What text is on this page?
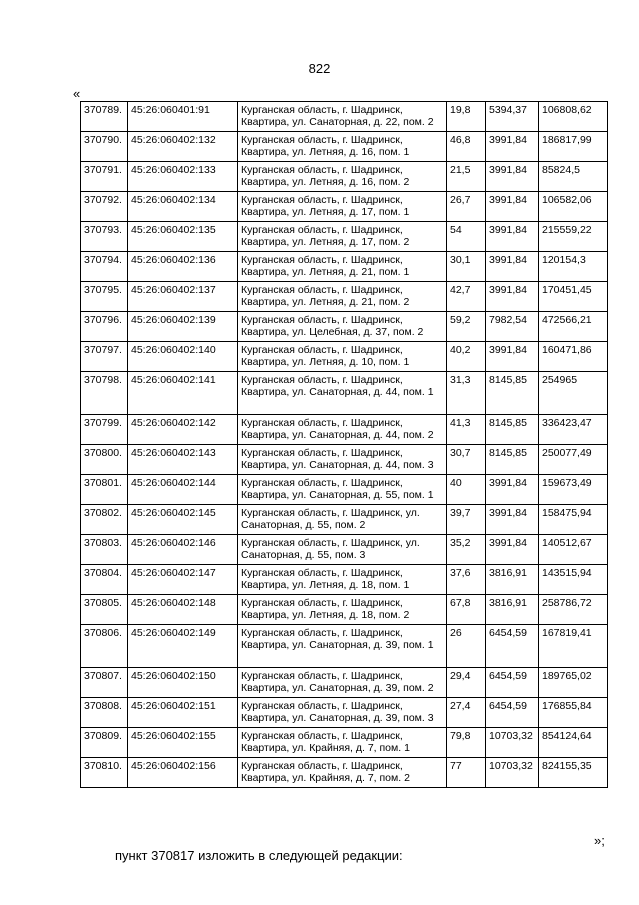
822
«
370789.	45:26:060401:91	Курганская область, г. Шадринск, Квартира, ул. Санаторная, д. 22, пом. 2	19,8	5394,37	106808,62
370790.	45:26:060402:132	Курганская область, г. Шадринск, Квартира, ул. Летняя, д. 16, пом. 1	46,8	3991,84	186817,99
370791.	45:26:060402:133	Курганская область, г. Шадринск, Квартира, ул. Летняя, д. 16, пом. 2	21,5	3991,84	85824,5
370792.	45:26:060402:134	Курганская область, г. Шадринск, Квартира, ул. Летняя, д. 17, пом. 1	26,7	3991,84	106582,06
370793.	45:26:060402:135	Курганская область, г. Шадринск, Квартира, ул. Летняя, д. 17, пом. 2	54	3991,84	215559,22
370794.	45:26:060402:136	Курганская область, г. Шадринск, Квартира, ул. Летняя, д. 21, пом. 1	30,1	3991,84	120154,3
370795.	45:26:060402:137	Курганская область, г. Шадринск, Квартира, ул. Летняя, д. 21, пом. 2	42,7	3991,84	170451,45
370796.	45:26:060402:139	Курганская область, г. Шадринск, Квартира, ул. Целебная, д. 37, пом. 2	59,2	7982,54	472566,21
370797.	45:26:060402:140	Курганская область, г. Шадринск, Квартира, ул. Летняя, д. 10, пом. 1	40,2	3991,84	160471,86
370798.	45:26:060402:141	Курганская область, г. Шадринск, Квартира, ул. Санаторная, д. 44, пом. 1	31,3	8145,85	254965
370799.	45:26:060402:142	Курганская область, г. Шадринск, Квартира, ул. Санаторная, д. 44, пом. 2	41,3	8145,85	336423,47
370800.	45:26:060402:143	Курганская область, г. Шадринск, Квартира, ул. Санаторная, д. 44, пом. 3	30,7	8145,85	250077,49
370801.	45:26:060402:144	Курганская область, г. Шадринск, Квартира, ул. Санаторная, д. 55, пом. 1	40	3991,84	159673,49
370802.	45:26:060402:145	Курганская область, г. Шадринск, ул. Санаторная, д. 55, пом. 2	39,7	3991,84	158475,94
370803.	45:26:060402:146	Курганская область, г. Шадринск, ул. Санаторная, д. 55, пом. 3	35,2	3991,84	140512,67
370804.	45:26:060402:147	Курганская область, г. Шадринск, Квартира, ул. Летняя, д. 18, пом. 1	37,6	3816,91	143515,94
370805.	45:26:060402:148	Курганская область, г. Шадринск, Квартира, ул. Летняя, д. 18, пом. 2	67,8	3816,91	258786,72
370806.	45:26:060402:149	Курганская область, г. Шадринск, Квартира, ул. Санаторная, д. 39, пом. 1	26	6454,59	167819,41
370807.	45:26:060402:150	Курганская область, г. Шадринск, Квартира, ул. Санаторная, д. 39, пом. 2	29,4	6454,59	189765,02
370808.	45:26:060402:151	Курганская область, г. Шадринск, Квартира, ул. Санаторная, д. 39, пом. 3	27,4	6454,59	176855,84
370809.	45:26:060402:155	Курганская область, г. Шадринск, Квартира, ул. Крайняя, д. 7, пом. 1	79,8	10703,32	854124,64
370810.	45:26:060402:156	Курганская область, г. Шадринск, Квартира, ул. Крайняя, д. 7, пом. 2	77	10703,32	824155,35
»;
пункт 370817 изложить в следующей редакции:
